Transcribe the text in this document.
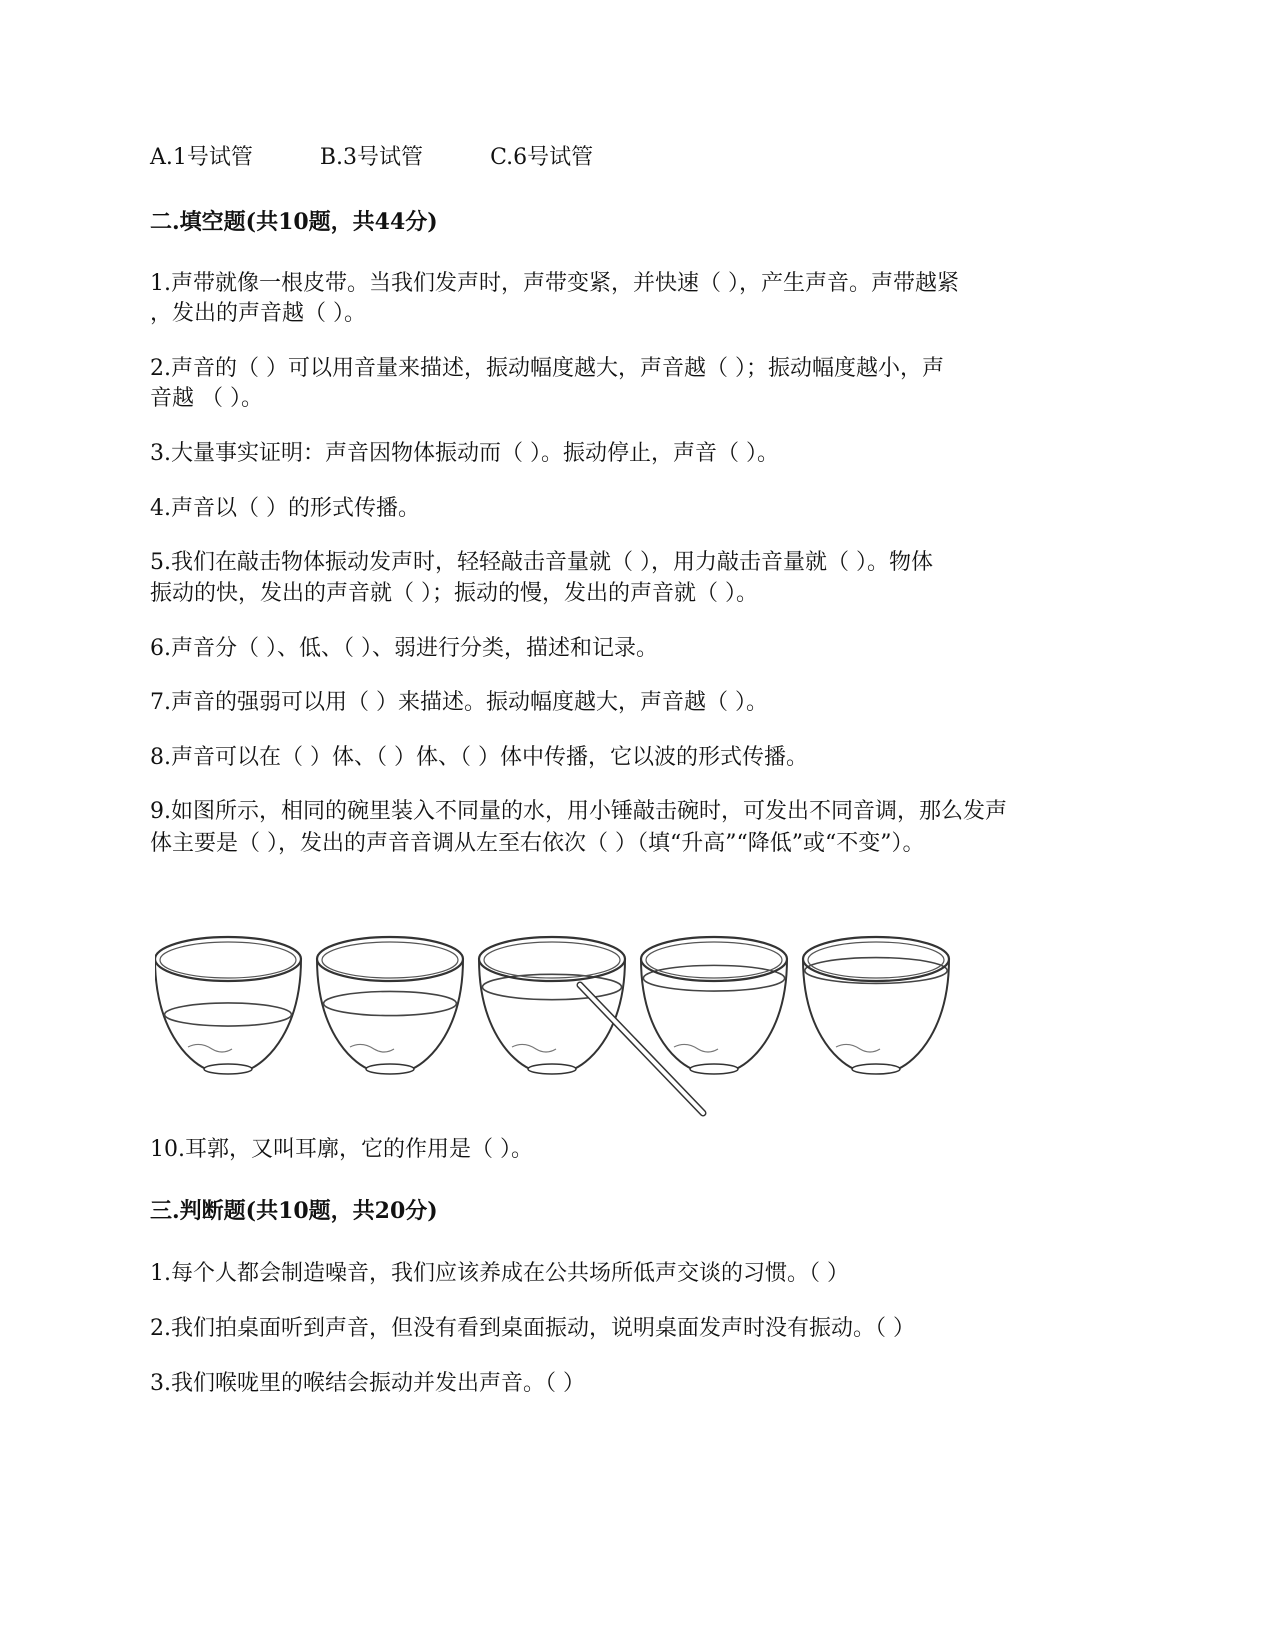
A.1号试管	B.3号试管	C.6号试管
二.填空题(共10题，共44分)
1.声带就像一根皮带。当我们发声时，声带变紧，并快速（ ），产生声音。声带越紧
，发出的声音越（ ）。
2.声音的（ ）可以用音量来描述，振动幅度越大，声音越（ ）；振动幅度越小，声
音越 （ ）。
3.大量事实证明：声音因物体振动而（ ）。振动停止，声音（ ）。
4.声音以（ ）的形式传播。
5.我们在敲击物体振动发声时，轻轻敲击音量就（ ），用力敲击音量就（ ）。物体
振动的快，发出的声音就（ ）；振动的慢，发出的声音就（ ）。
6.声音分（ ）、低、（ ）、弱进行分类，描述和记录。
7.声音的强弱可以用（ ）来描述。振动幅度越大，声音越（ ）。
8.声音可以在（ ）体、（ ）体、（ ）体中传播，它以波的形式传播。
9.如图所示，相同的碗里装入不同量的水，用小锤敲击碗时，可发出不同音调，那么发声
体主要是（ ），发出的声音音调从左至右依次（ ）（填“升高”“降低”或“不变”）。
10.耳郭，又叫耳廓，它的作用是（ ）。
三.判断题(共10题，共20分)
1.每个人都会制造噪音，我们应该养成在公共场所低声交谈的习惯。（ ）
2.我们拍桌面听到声音，但没有看到桌面振动，说明桌面发声时没有振动。（ ）
3.我们喉咙里的喉结会振动并发出声音。（ ）
